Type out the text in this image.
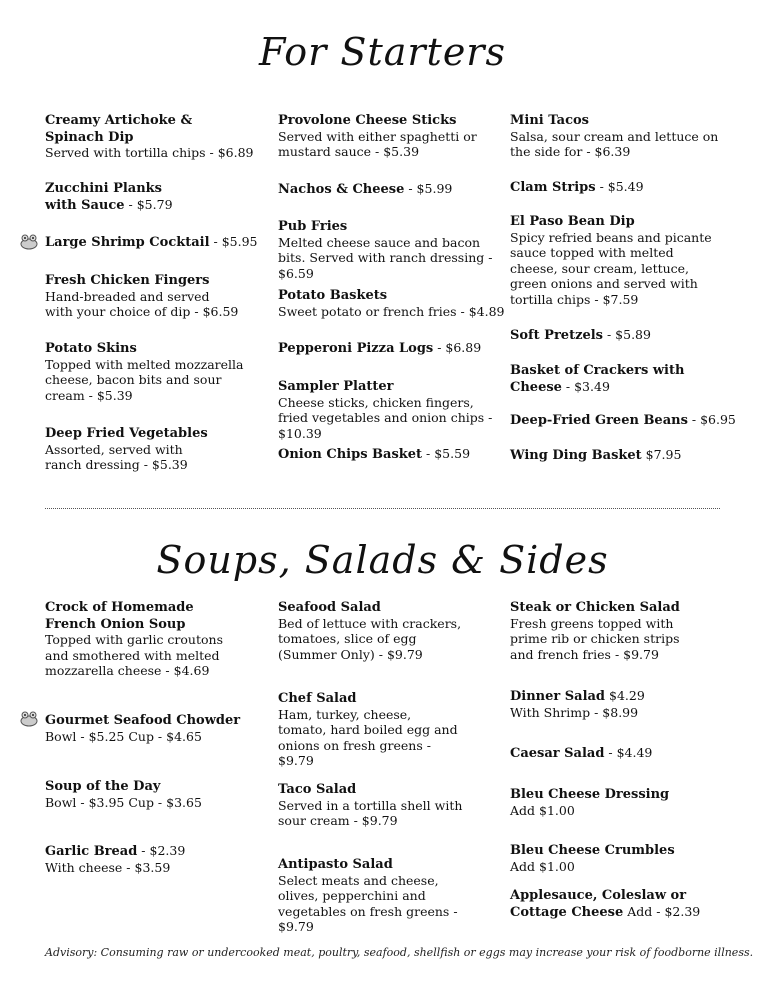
For Starters
Creamy Artichoke & Spinach Dip
Served with tortilla chips - $6.89
Zucchini Planks with Sauce - $5.79
Large Shrimp Cocktail - $5.95
Fresh Chicken Fingers
Hand-breaded and served with your choice of dip - $6.59
Potato Skins
Topped with melted mozzarella cheese, bacon bits and sour cream - $5.39
Deep Fried Vegetables
Assorted, served with ranch dressing - $5.39
Provolone Cheese Sticks
Served with either spaghetti or mustard sauce - $5.39
Nachos & Cheese - $5.99
Pub Fries
Melted cheese sauce and bacon bits. Served with ranch dressing - $6.59
Potato Baskets
Sweet potato or french fries - $4.89
Pepperoni Pizza Logs - $6.89
Sampler Platter
Cheese sticks, chicken fingers, fried vegetables and onion chips - $10.39
Onion Chips Basket - $5.59
Mini Tacos
Salsa, sour cream and lettuce on the side for - $6.39
Clam Strips - $5.49
El Paso Bean Dip
Spicy refried beans and picante sauce topped with melted cheese, sour cream, lettuce, green onions and served with tortilla chips - $7.59
Soft Pretzels - $5.89
Basket of Crackers with Cheese - $3.49
Deep-Fried Green Beans - $6.95
Wing Ding Basket $7.95
Soups, Salads & Sides
Crock of Homemade French Onion Soup
Topped with garlic croutons and smothered with melted mozzarella cheese - $4.69
Gourmet Seafood Chowder
Bowl - $5.25 Cup - $4.65
Soup of the Day
Bowl - $3.95 Cup - $3.65
Garlic Bread - $2.39
With cheese - $3.59
Seafood Salad
Bed of lettuce with crackers, tomatoes, slice of egg (Summer Only) - $9.79
Chef Salad
Ham, turkey, cheese, tomato, hard boiled egg and onions on fresh greens - $9.79
Taco Salad
Served in a tortilla shell with sour cream - $9.79
Antipasto Salad
Select meats and cheese, olives, pepperchini and vegetables on fresh greens - $9.79
Steak or Chicken Salad
Fresh greens topped with prime rib or chicken strips and french fries - $9.79
Dinner Salad $4.29
With Shrimp - $8.99
Caesar Salad - $4.49
Bleu Cheese Dressing
Add $1.00
Bleu Cheese Crumbles
Add $1.00
Applesauce, Coleslaw or Cottage Cheese Add - $2.39
Advisory: Consuming raw or undercooked meat, poultry, seafood, shellfish or eggs may increase your risk of foodborne illness.
